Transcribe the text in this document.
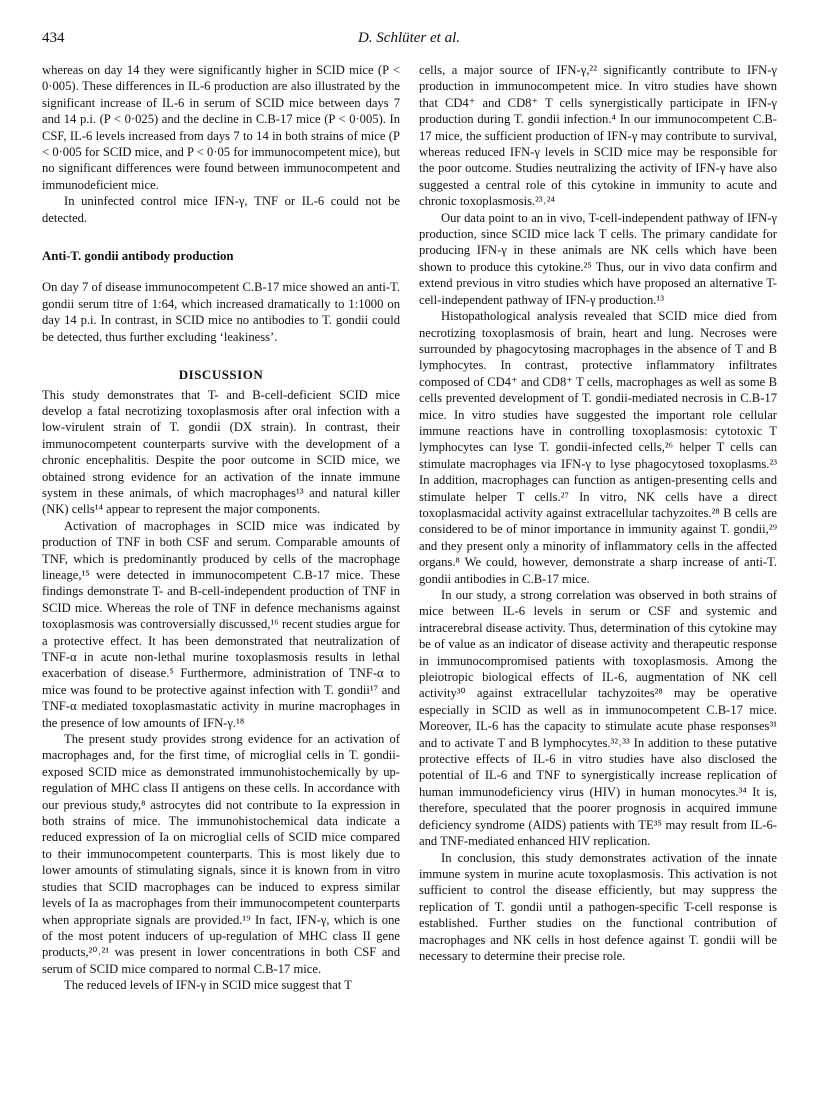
434	D. Schlüter et al.

whereas on day 14 they were significantly higher in SCID mice (P < 0·005). These differences in IL-6 production are also illustrated by the significant increase of IL-6 in serum of SCID mice between days 7 and 14 p.i. (P < 0·025) and the decline in C.B-17 mice (P < 0·005). In CSF, IL-6 levels increased from days 7 to 14 in both strains of mice (P < 0·005 for SCID mice, and P < 0·05 for immunocompetent mice), but no significant differences were found between immunocompetent and immunodeficient mice.

In uninfected control mice IFN-γ, TNF or IL-6 could not be detected.

Anti-T. gondii antibody production

On day 7 of disease immunocompetent C.B-17 mice showed an anti-T. gondii serum titre of 1:64, which increased dramatically to 1:1000 on day 14 p.i. In contrast, in SCID mice no antibodies to T. gondii could be detected, thus further excluding ‘leakiness’.

DISCUSSION

This study demonstrates that T- and B-cell-deficient SCID mice develop a fatal necrotizing toxoplasmosis after oral infection with a low-virulent strain of T. gondii (DX strain). In contrast, their immunocompetent counterparts survive with the development of a chronic encephalitis. Despite the poor outcome in SCID mice, we obtained strong evidence for an activation of the innate immune system in these animals, of which macrophages¹³ and natural killer (NK) cells¹⁴ appear to represent the major components.

Activation of macrophages in SCID mice was indicated by production of TNF in both CSF and serum. Comparable amounts of TNF, which is predominantly produced by cells of the macrophage lineage,¹⁵ were detected in immunocompetent C.B-17 mice. These findings demonstrate T- and B-cell-independent production of TNF in SCID mice. Whereas the role of TNF in defence mechanisms against toxoplasmosis was controversially discussed,¹⁶ recent studies argue for a protective effect. It has been demonstrated that neutralization of TNF-α in acute non-lethal murine toxoplasmosis results in lethal exacerbation of disease.⁵ Furthermore, administration of TNF-α to mice was found to be protective against infection with T. gondii¹⁷ and TNF-α mediated toxoplasmastatic activity in murine macrophages in the presence of low amounts of IFN-γ.¹⁸

The present study provides strong evidence for an activation of macrophages and, for the first time, of microglial cells in T. gondii-exposed SCID mice as demonstrated immunohistochemically by up-regulation of MHC class II antigens on these cells. In accordance with our previous study,⁸ astrocytes did not contribute to Ia expression in both strains of mice. The immunohistochemical data indicate a reduced expression of Ia on microglial cells of SCID mice compared to their immunocompetent counterparts. This is most likely due to lower amounts of stimulating signals, since it is known from in vitro studies that SCID macrophages can be induced to express similar levels of Ia as macrophages from their immunocompetent counterparts when appropriate signals are provided.¹⁹ In fact, IFN-γ, which is one of the most potent inducers of up-regulation of MHC class II gene products,²⁰˒²¹ was present in lower concentrations in both CSF and serum of SCID mice compared to normal C.B-17 mice.

The reduced levels of IFN-γ in SCID mice suggest that T

cells, a major source of IFN-γ,²² significantly contribute to IFN-γ production in immunocompetent mice. In vitro studies have shown that CD4⁺ and CD8⁺ T cells synergistically participate in IFN-γ production during T. gondii infection.⁴ In our immunocompetent C.B-17 mice, the sufficient production of IFN-γ may contribute to survival, whereas reduced IFN-γ levels in SCID mice may be responsible for the poor outcome. Studies neutralizing the activity of IFN-γ have also suggested a central role of this cytokine in immunity to acute and chronic toxoplasmosis.²³˒²⁴

Our data point to an in vivo, T-cell-independent pathway of IFN-γ production, since SCID mice lack T cells. The primary candidate for producing IFN-γ in these animals are NK cells which have been shown to produce this cytokine.²⁵ Thus, our in vivo data confirm and extend previous in vitro studies which have proposed an alternative T-cell-independent pathway of IFN-γ production.¹³

Histopathological analysis revealed that SCID mice died from necrotizing toxoplasmosis of brain, heart and lung. Necroses were surrounded by phagocytosing macrophages in the absence of T and B lymphocytes. In contrast, protective inflammatory infiltrates composed of CD4⁺ and CD8⁺ T cells, macrophages as well as some B cells prevented development of T. gondii-mediated necrosis in C.B-17 mice. In vitro studies have suggested the important role cellular immune reactions have in controlling toxoplasmosis: cytotoxic T lymphocytes can lyse T. gondii-infected cells,²⁶ helper T cells can stimulate macrophages via IFN-γ to lyse phagocytosed toxoplasms.²³ In addition, macrophages can function as antigen-presenting cells and stimulate helper T cells.²⁷ In vitro, NK cells have a direct toxoplasmacidal activity against extracellular tachyzoites.²⁸ B cells are considered to be of minor importance in immunity against T. gondii,²⁹ and they present only a minority of inflammatory cells in the affected organs.⁸ We could, however, demonstrate a sharp increase of anti-T. gondii antibodies in C.B-17 mice.

In our study, a strong correlation was observed in both strains of mice between IL-6 levels in serum or CSF and systemic and intracerebral disease activity. Thus, determination of this cytokine may be of value as an indicator of disease activity and therapeutic response in immunocompromised patients with toxoplasmosis. Among the pleiotropic biological effects of IL-6, augmentation of NK cell activity³⁰ against extracellular tachyzoites²⁸ may be operative especially in SCID as well as in immunocompetent C.B-17 mice. Moreover, IL-6 has the capacity to stimulate acute phase responses³¹ and to activate T and B lymphocytes.³²˒³³ In addition to these putative protective effects of IL-6 in vitro studies have also disclosed the potential of IL-6 and TNF to synergistically increase replication of human immunodeficiency virus (HIV) in human monocytes.³⁴ It is, therefore, speculated that the poorer prognosis in acquired immune deficiency syndrome (AIDS) patients with TE³⁵ may result from IL-6- and TNF-mediated enhanced HIV replication.

In conclusion, this study demonstrates activation of the innate immune system in murine acute toxoplasmosis. This activation is not sufficient to control the disease efficiently, but may suppress the replication of T. gondii until a pathogen-specific T-cell response is established. Further studies on the functional contribution of macrophages and NK cells in host defence against T. gondii will be necessary to determine their precise role.
